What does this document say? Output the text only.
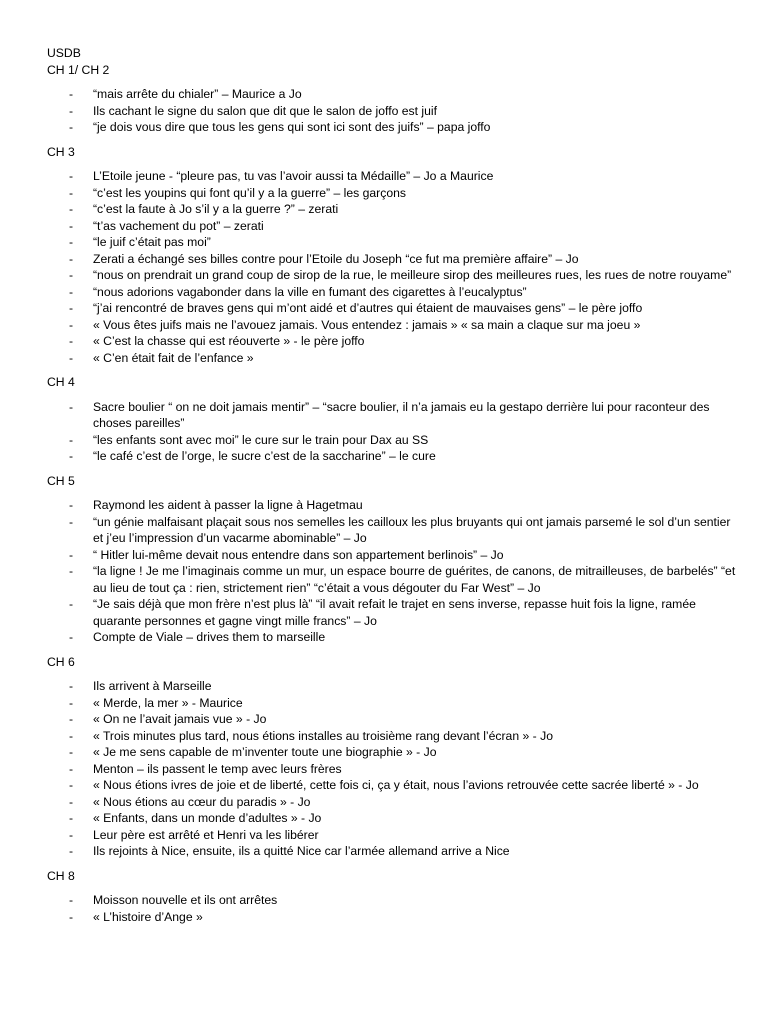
USDB

CH 1/ CH 2

- “mais arrête du chialer” – Maurice a Jo
- Ils cachant le signe du salon que dit que le salon de joffo est juif
- “je dois vous dire que tous les gens qui sont ici sont des juifs” – papa joffo

CH 3

- L’Etoile jeune - “pleure pas, tu vas l’avoir aussi ta Médaille” – Jo a Maurice
- “c’est les youpins qui font qu’il y a la guerre” – les garçons
- “c’est la faute à Jo s’il y a la guerre ?” – zerati
- “t’as vachement du pot” – zerati
- “le juif c’était pas moi”
- Zerati a échangé ses billes contre pour l’Etoile du Joseph “ce fut ma première affaire” – Jo
- “nous on prendrait un grand coup de sirop de la rue, le meilleure sirop des meilleures rues, les rues de notre rouyame”
- “nous adorions vagabonder dans la ville en fumant des cigarettes à l’eucalyptus”
- “j’ai rencontré de braves gens qui m’ont aidé et d’autres qui étaient de mauvaises gens” – le père joffo
- « Vous êtes juifs mais ne l’avouez jamais. Vous entendez : jamais » « sa main a claque sur ma joeu »
- « C’est la chasse qui est réouverte » - le père joffo
- « C’en était fait de l’enfance »

CH 4

- Sacre boulier “ on ne doit jamais mentir” – “sacre boulier, il n’a jamais eu la gestapo derrière lui pour raconteur des choses pareilles”
- “les enfants sont avec moi” le cure sur le train pour Dax au SS
- “le café c’est de l’orge, le sucre c’est de la saccharine” – le cure

CH 5

- Raymond les aident à passer la ligne à Hagetmau
- “un génie malfaisant plaçait sous nos semelles les cailloux les plus bruyants qui ont jamais parsemé le sol d’un sentier et j’eu l’impression d’un vacarme abominable” – Jo
- “ Hitler lui-même devait nous entendre dans son appartement berlinois” – Jo
- “la ligne ! Je me l’imaginais comme un mur, un espace bourre de guérites, de canons, de mitrailleuses, de barbelés” “et au lieu de tout ça : rien, strictement rien” “c’était a vous dégouter du Far West” – Jo
- “Je sais déjà que mon frère n’est plus là” “il avait refait le trajet en sens inverse, repasse huit fois la ligne, ramée quarante personnes et gagne vingt mille francs” – Jo
- Compte de Viale – drives them to marseille

CH 6

- Ils arrivent à Marseille
- « Merde, la mer » - Maurice
- « On ne l’avait jamais vue » - Jo
- « Trois minutes plus tard, nous étions installes au troisième rang devant l’écran » - Jo
- « Je me sens capable de m’inventer toute une biographie » - Jo
- Menton – ils passent le temp avec leurs frères
- « Nous étions ivres de joie et de liberté, cette fois ci, ça y était, nous l’avions retrouvée cette sacrée liberté » - Jo
- « Nous étions au cœur du paradis » - Jo
- « Enfants, dans un monde d’adultes » - Jo
- Leur père est arrêté et Henri va les libérer
- Ils rejoints à Nice, ensuite, ils a quitté Nice car l’armée allemand arrive a Nice

CH 8

- Moisson nouvelle et ils ont arrêtes
- « L’histoire d’Ange »
